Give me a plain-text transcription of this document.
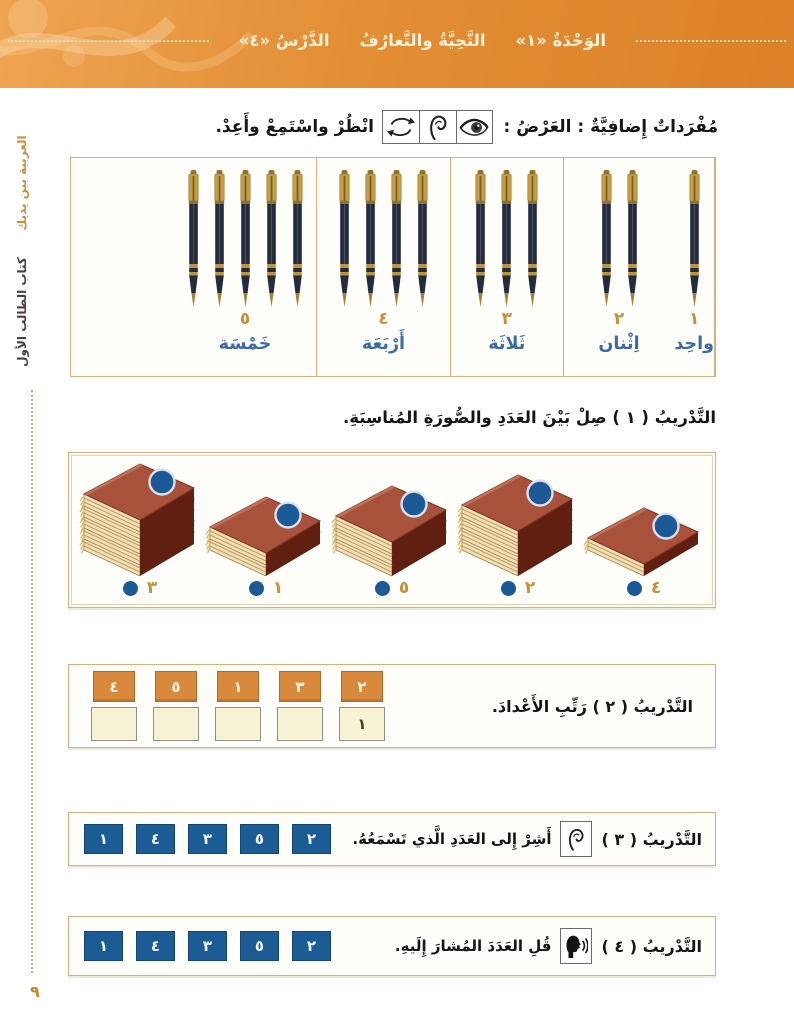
الوَحْدَةُ «١»
التَّحِيَّةُ والتَّعارُفُ
الدَّرْسُ «٤»
العربية بين يديك
كتاب الطالب الأول
٩
مُفْرَداتٌ إِضافِيَّةٌ : العَرْضُ :
انْظُرْ واسْتَمِعْ وأَعِدْ.
١
واحِد
٢
اِثْنان
٣
ثَلاثَة
٤
أَرْبَعَة
٥
خَمْسَة
التَّدْريبُ ( ١ ) صِلْ بَيْنَ العَدَدِ والصُّورَةِ المُناسِبَةِ.
٤
٢
٥
١
٣
التَّدْريبُ ( ٢ ) رَتِّبِ الأَعْدادَ.
٢
١
٣
١
٥
٤
التَّدْريبُ ( ٣ )
أَشِرْ إِلى العَدَدِ الَّذي تَسْمَعُهُ.
٢
٥
٣
٤
١
التَّدْريبُ ( ٤ )
قُلِ العَدَدَ المُشارَ إِلَيهِ.
٢
٥
٣
٤
١
